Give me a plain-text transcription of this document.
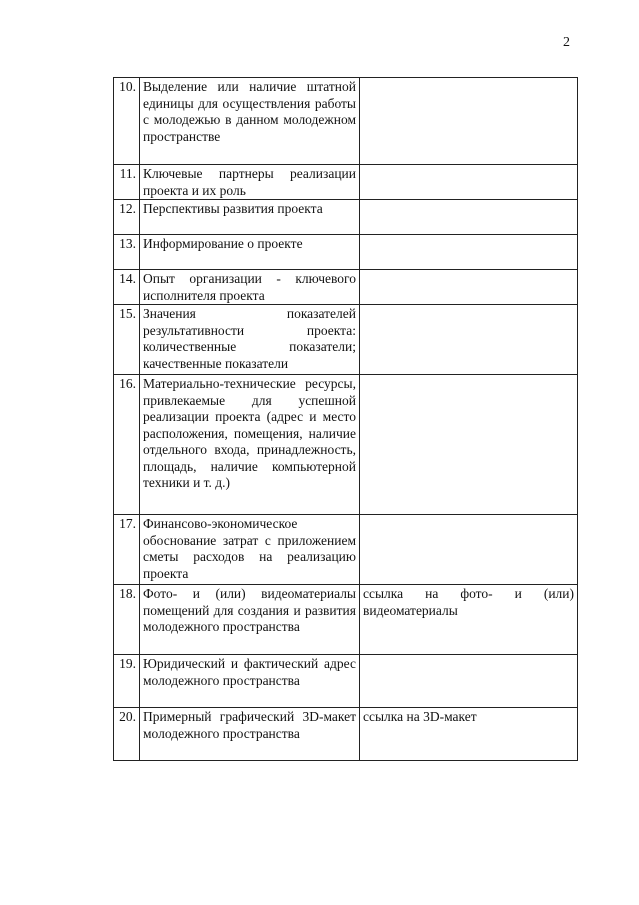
2
10.	Выделение или наличие штатной единицы для осуществления работы с молодежью в данном молодежном пространстве	
11.	Ключевые партнеры реализации проекта и их роль	
12.	Перспективы развития проекта	
13.	Информирование о проекте	
14.	Опыт организации - ключевого исполнителя проекта	
15.	Значения показателей результативности проекта: количественные показатели; качественные показатели	
16.	Материально-технические ресурсы, привлекаемые для успешной реализации проекта (адрес и место расположения, помещения, наличие отдельного входа, принадлежность, площадь, наличие компьютерной техники и т. д.)	
17.	Финансово-экономическое обоснование затрат с приложением сметы расходов на реализацию проекта	
18.	Фото- и (или) видеоматериалы помещений для создания и развития молодежного пространства	ссылка на фото- и (или) видеоматериалы
19.	Юридический и фактический адрес молодежного пространства	
20.	Примерный графический 3D-макет молодежного пространства	ссылка на 3D-макет
